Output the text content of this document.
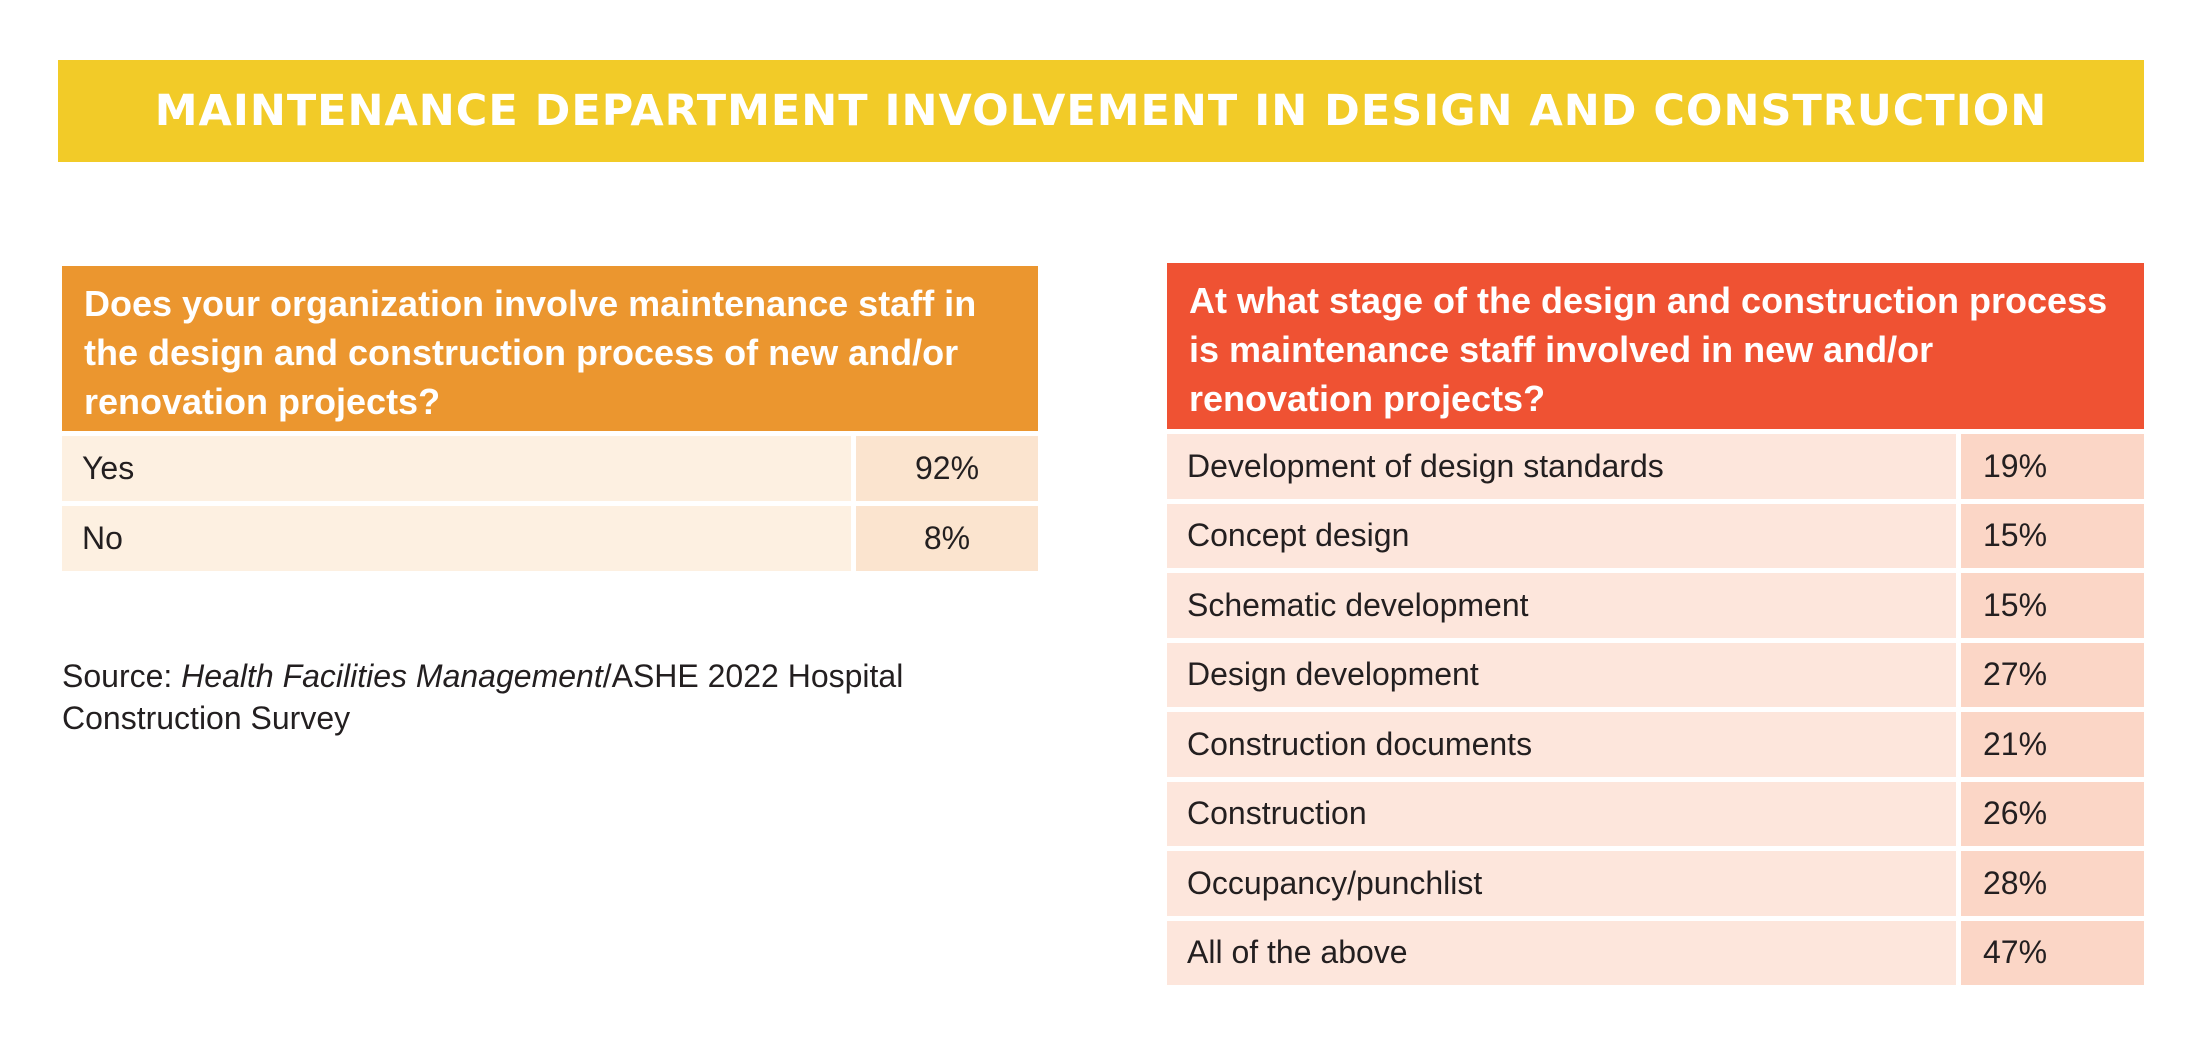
MAINTENANCE DEPARTMENT INVOLVEMENT IN DESIGN AND CONSTRUCTION
Does your organization involve maintenance staff in the design and construction process of new and/or renovation projects?
Yes	92%
No	8%
Source: Health Facilities Management/ASHE 2022 Hospital Construction Survey
At what stage of the design and construction process is maintenance staff involved in new and/or renovation projects?
Development of design standards	19%
Concept design	15%
Schematic development	15%
Design development	27%
Construction documents	21%
Construction	26%
Occupancy/punchlist	28%
All of the above	47%
